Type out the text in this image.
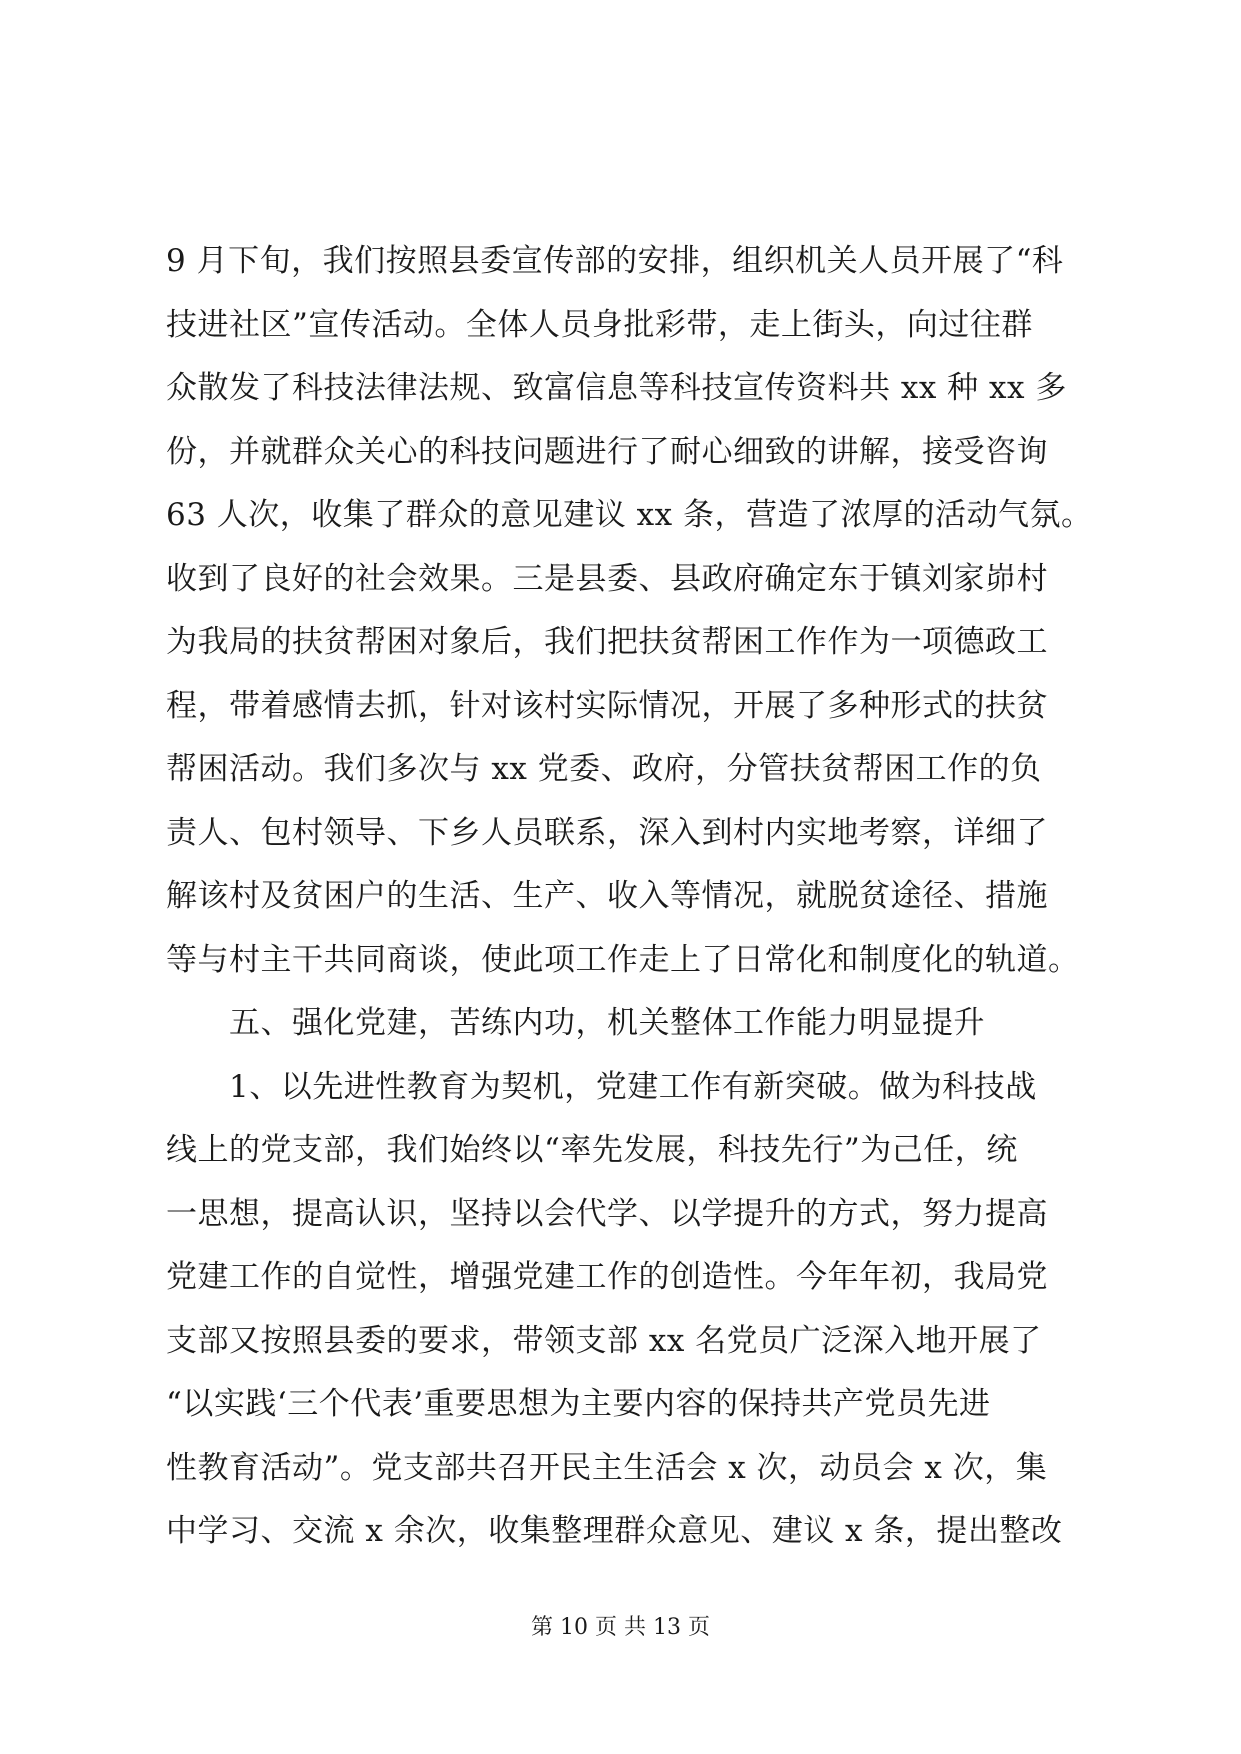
9 月下旬，我们按照县委宣传部的安排，组织机关人员开展了“科
技进社区”宣传活动。全体人员身批彩带，走上街头，向过往群
众散发了科技法律法规、致富信息等科技宣传资料共 xx 种 xx 多
份，并就群众关心的科技问题进行了耐心细致的讲解，接受咨询
63 人次，收集了群众的意见建议 xx 条，营造了浓厚的活动气氛。
收到了良好的社会效果。三是县委、县政府确定东于镇刘家峁村
为我局的扶贫帮困对象后，我们把扶贫帮困工作作为一项德政工
程，带着感情去抓，针对该村实际情况，开展了多种形式的扶贫
帮困活动。我们多次与 xx 党委、政府，分管扶贫帮困工作的负
责人、包村领导、下乡人员联系，深入到村内实地考察，详细了
解该村及贫困户的生活、生产、收入等情况，就脱贫途径、措施
等与村主干共同商谈，使此项工作走上了日常化和制度化的轨道。
　　五、强化党建，苦练内功，机关整体工作能力明显提升
　　1、以先进性教育为契机，党建工作有新突破。做为科技战
线上的党支部，我们始终以“率先发展，科技先行”为己任，统
一思想，提高认识，坚持以会代学、以学提升的方式，努力提高
党建工作的自觉性，增强党建工作的创造性。今年年初，我局党
支部又按照县委的要求，带领支部 xx 名党员广泛深入地开展了
“以实践‘三个代表’重要思想为主要内容的保持共产党员先进
性教育活动”。党支部共召开民主生活会 x 次，动员会 x 次，集
中学习、交流 x 余次，收集整理群众意见、建议 x 条，提出整改
第 10 页 共 13 页
